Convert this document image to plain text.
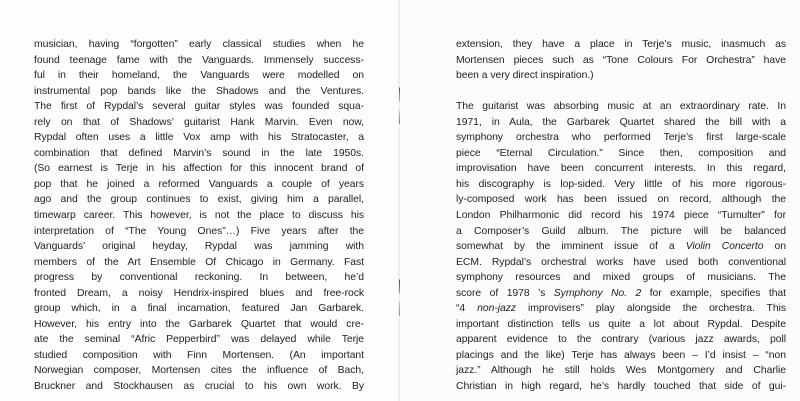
musician, having “forgotten” early classical studies when he
found teenage fame with the Vanguards. Immensely success-
ful in their homeland, the Vanguards were modelled on
instrumental pop bands like the Shadows and the Ventures.
The first of Rypdal’s several guitar styles was founded squa-
rely on that of Shadows’ guitarist Hank Marvin. Even now,
Rypdal often uses a little Vox amp with his Stratocaster, a
combination that defined Marvin’s sound in the late 1950s.
(So earnest is Terje in his affection for this innocent brand of
pop that he joined a reformed Vanguards a couple of years
ago and the group continues to exist, giving him a parallel,
timewarp career. This however, is not the place to discuss his
interpretation of “The Young Ones”…) Five years after the
Vanguards’ original heyday, Rypdal was jamming with
members of the Art Ensemble Of Chicago in Germany. Fast
progress by conventional reckoning. In between, he’d
fronted Dream, a noisy Hendrix-inspired blues and free-rock
group which, in a final incarnation, featured Jan Garbarek.
However, his entry into the Garbarek Quartet that would cre-
ate the seminal “Afric Pepperbird” was delayed while Terje
studied composition with Finn Mortensen. (An important
Norwegian composer, Mortensen cites the influence of Bach,
Bruckner and Stockhausen as crucial to his own work. By
extension, they have a place in Terje’s music, inasmuch as
Mortensen pieces such as “Tone Colours For Orchestra” have
been a very direct inspiration.)
The guitarist was absorbing music at an extraordinary rate. In
1971, in Aula, the Garbarek Quartet shared the bill with a
symphony orchestra who performed Terje’s first large-scale
piece “Eternal Circulation.” Since then, composition and
improvisation have been concurrent interests. In this regard,
his discography is lop-sided. Very little of his more rigorous-
ly-composed work has been issued on record, although the
London Philharmonic did record his 1974 piece “Tumulter” for
a Composer’s Guild album. The picture will be balanced
somewhat by the imminent issue of a Violin Concerto on
ECM. Rypdal’s orchestral works have used both conventional
symphony resources and mixed groups of musicians. The
score of 1978 ’s Symphony No. 2 for example, specifies that
“4 non-jazz improvisers” play alongside the orchestra. This
important distinction tells us quite a lot about Rypdal. Despite
apparent evidence to the contrary (various jazz awards, poll
placings and the like) Terje has always been – I’d insist – “non
jazz.” Although he still holds Wes Montgomery and Charlie
Christian in high regard, he’s hardly touched that side of gui-
